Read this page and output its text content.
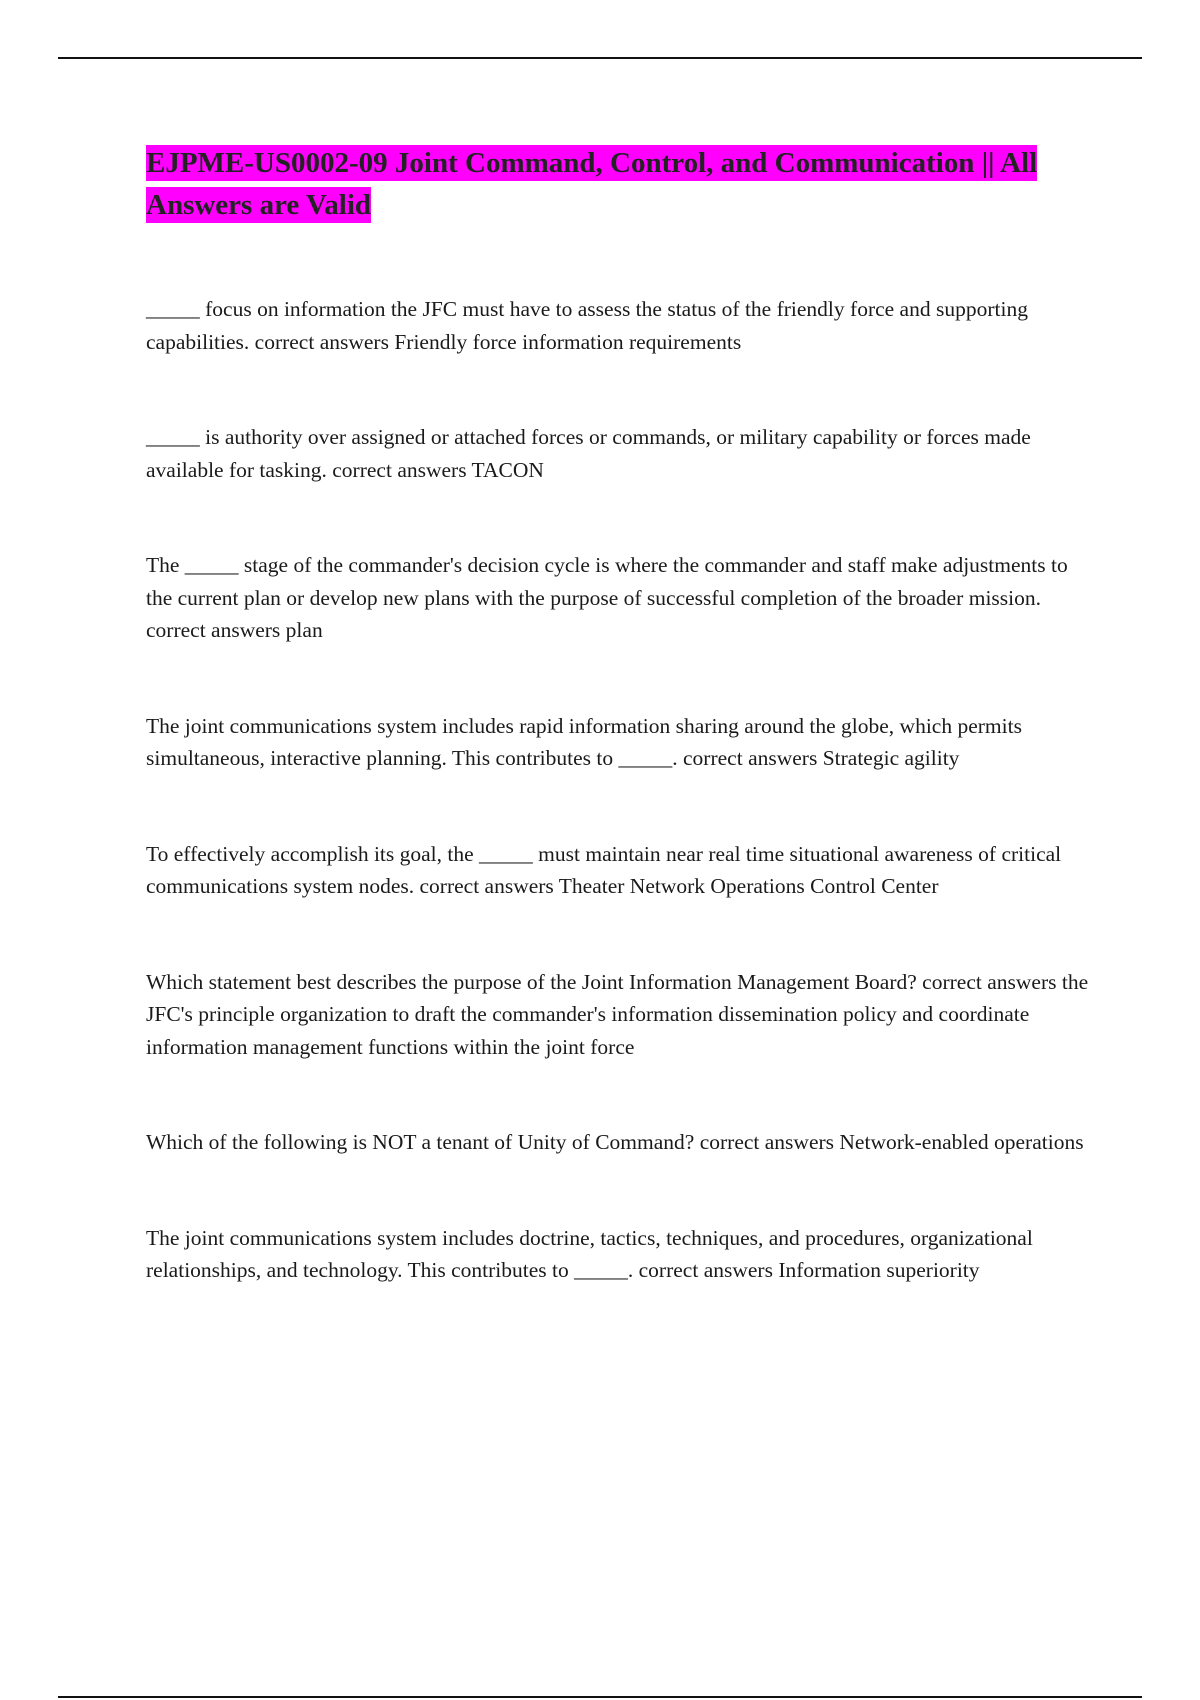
EJPME-US0002-09 Joint Command, Control, and Communication || All Answers are Valid

_____ focus on information the JFC must have to assess the status of the friendly force and supporting capabilities. correct answers Friendly force information requirements

_____ is authority over assigned or attached forces or commands, or military capability or forces made available for tasking. correct answers TACON

The _____ stage of the commander's decision cycle is where the commander and staff make adjustments to the current plan or develop new plans with the purpose of successful completion of the broader mission. correct answers plan

The joint communications system includes rapid information sharing around the globe, which permits simultaneous, interactive planning. This contributes to _____. correct answers Strategic agility

To effectively accomplish its goal, the _____ must maintain near real time situational awareness of critical communications system nodes. correct answers Theater Network Operations Control Center

Which statement best describes the purpose of the Joint Information Management Board? correct answers the JFC's principle organization to draft the commander's information dissemination policy and coordinate information management functions within the joint force

Which of the following is NOT a tenant of Unity of Command? correct answers Network-enabled operations

The joint communications system includes doctrine, tactics, techniques, and procedures, organizational relationships, and technology. This contributes to _____. correct answers Information superiority
